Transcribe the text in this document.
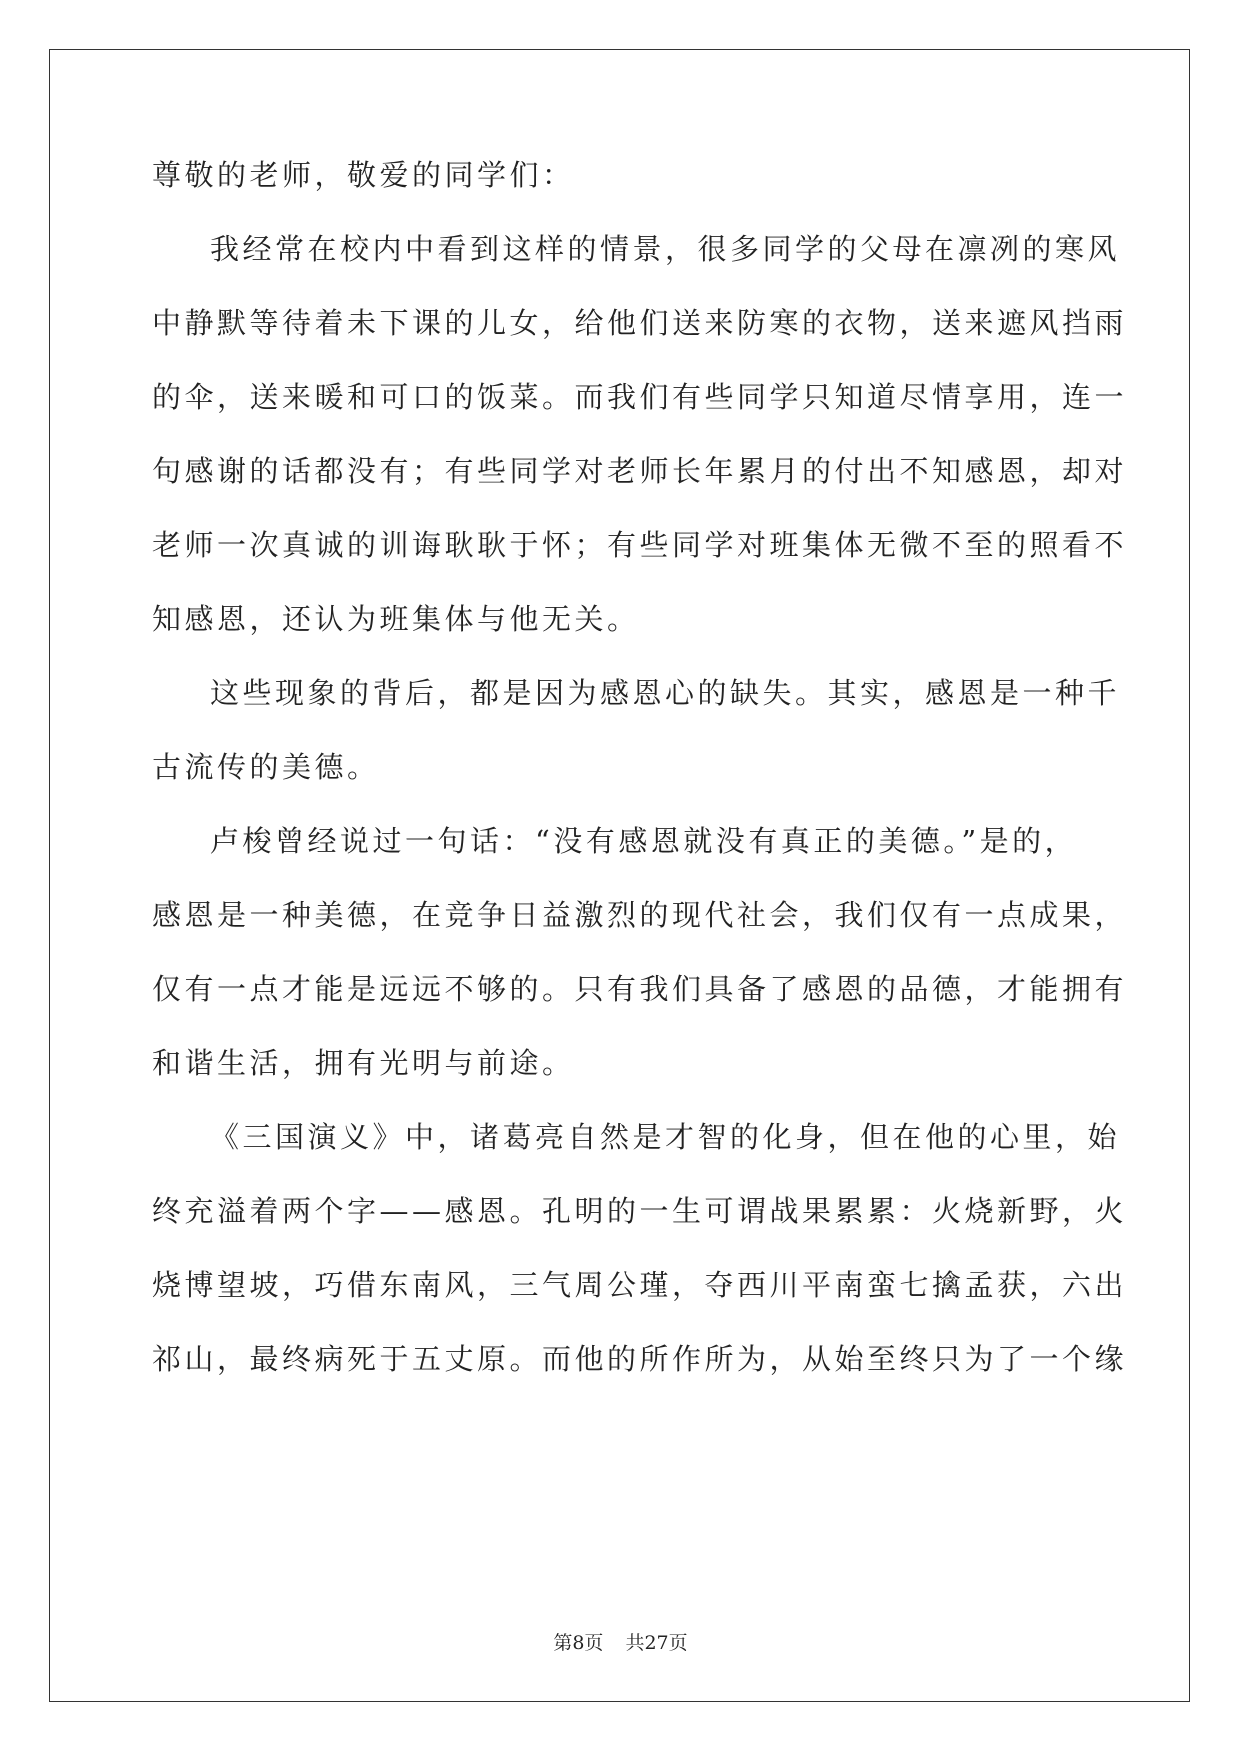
尊敬的老师，敬爱的同学们：
我经常在校内中看到这样的情景，很多同学的父母在凛冽的寒风
中静默等待着未下课的儿女，给他们送来防寒的衣物，送来遮风挡雨
的伞，送来暖和可口的饭菜。而我们有些同学只知道尽情享用，连一
句感谢的话都没有；有些同学对老师长年累月的付出不知感恩，却对
老师一次真诚的训诲耿耿于怀；有些同学对班集体无微不至的照看不
知感恩，还认为班集体与他无关。
这些现象的背后，都是因为感恩心的缺失。其实，感恩是一种千
古流传的美德。
卢梭曾经说过一句话：“没有感恩就没有真正的美德。”是的，
感恩是一种美德，在竞争日益激烈的现代社会，我们仅有一点成果，
仅有一点才能是远远不够的。只有我们具备了感恩的品德，才能拥有
和谐生活，拥有光明与前途。
《三国演义》中，诸葛亮自然是才智的化身，但在他的心里，始
终充溢着两个字——感恩。孔明的一生可谓战果累累：火烧新野，火
烧博望坡，巧借东南风，三气周公瑾，夺西川平南蛮七擒孟获，六出
祁山，最终病死于五丈原。而他的所作所为，从始至终只为了一个缘
第8页 共27页
